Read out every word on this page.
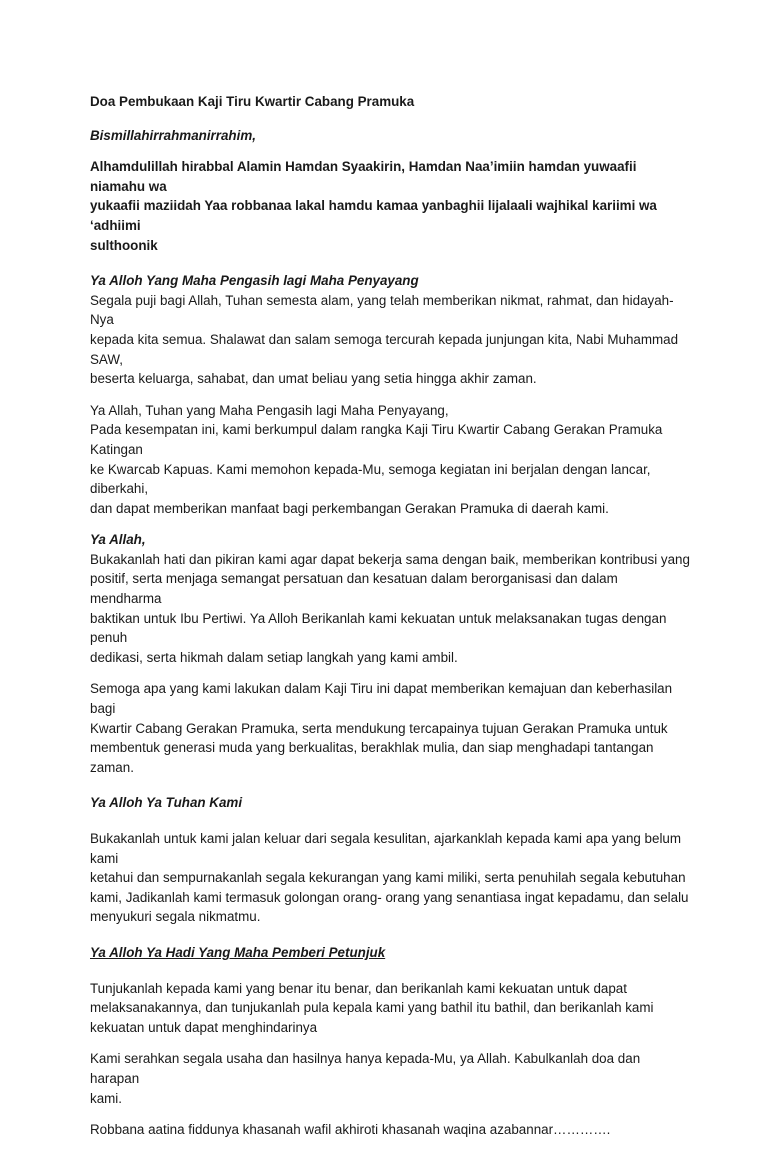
Doa Pembukaan Kaji Tiru Kwartir Cabang Pramuka

Bismillahirrahmanirrahim,

Alhamdulillah hirabbal Alamin Hamdan Syaakirin, Hamdan Naa’imiin hamdan yuwaafii niamahu wa
yukaafii maziidah Yaa robbanaa lakal hamdu kamaa yanbaghii lijalaali wajhikal kariimi wa ‘adhiimi
sulthoonik

Ya Alloh Yang Maha Pengasih lagi Maha Penyayang
Segala puji bagi Allah, Tuhan semesta alam, yang telah memberikan nikmat, rahmat, dan hidayah-Nya
kepada kita semua. Shalawat dan salam semoga tercurah kepada junjungan kita, Nabi Muhammad SAW,
beserta keluarga, sahabat, dan umat beliau yang setia hingga akhir zaman.

Ya Allah, Tuhan yang Maha Pengasih lagi Maha Penyayang,
Pada kesempatan ini, kami berkumpul dalam rangka Kaji Tiru Kwartir Cabang Gerakan Pramuka Katingan
ke Kwarcab Kapuas. Kami memohon kepada-Mu, semoga kegiatan ini berjalan dengan lancar, diberkahi,
dan dapat memberikan manfaat bagi perkembangan Gerakan Pramuka di daerah kami.

Ya Allah,
Bukakanlah hati dan pikiran kami agar dapat bekerja sama dengan baik, memberikan kontribusi yang
positif, serta menjaga semangat persatuan dan kesatuan dalam berorganisasi dan dalam mendharma
baktikan untuk Ibu Pertiwi. Ya Alloh Berikanlah kami kekuatan untuk melaksanakan tugas dengan penuh
dedikasi, serta hikmah dalam setiap langkah yang kami ambil.

Semoga apa yang kami lakukan dalam Kaji Tiru ini dapat memberikan kemajuan dan keberhasilan bagi
Kwartir Cabang Gerakan Pramuka, serta mendukung tercapainya tujuan Gerakan Pramuka untuk
membentuk generasi muda yang berkualitas, berakhlak mulia, dan siap menghadapi tantangan zaman.

Ya Alloh Ya Tuhan Kami

Bukakanlah untuk kami jalan keluar dari segala kesulitan, ajarkanklah kepada kami apa yang belum kami
ketahui dan sempurnakanlah segala kekurangan yang kami miliki, serta penuhilah segala kebutuhan
kami, Jadikanlah kami termasuk golongan orang- orang yang senantiasa ingat kepadamu, dan selalu
menyukuri segala nikmatmu.

Ya Alloh Ya Hadi Yang Maha Pemberi Petunjuk

Tunjukanlah kepada kami yang benar itu benar, dan berikanlah kami kekuatan untuk dapat
melaksanakannya, dan tunjukanlah pula kepala kami yang bathil itu bathil, dan berikanlah kami
kekuatan untuk dapat menghindarinya

Kami serahkan segala usaha dan hasilnya hanya kepada-Mu, ya Allah. Kabulkanlah doa dan harapan
kami.

Robbana aatina fiddunya khasanah wafil akhiroti khasanah waqina azabannar………….
